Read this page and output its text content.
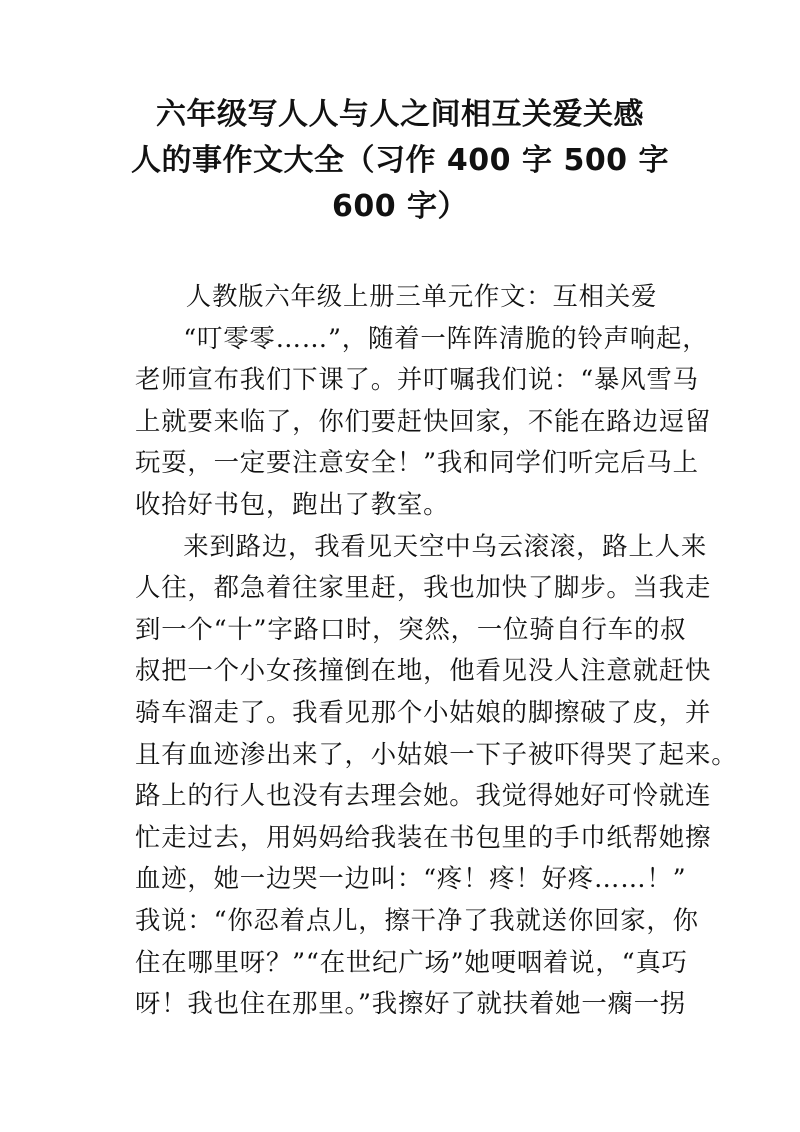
六年级写人人与人之间相互关爱关感
人的事作文大全（习作 400 字 500 字
600 字）
人教版六年级上册三单元作文：互相关爱
“叮零零……”，随着一阵阵清脆的铃声响起，
老师宣布我们下课了。并叮嘱我们说：“暴风雪马
上就要来临了，你们要赶快回家，不能在路边逗留
玩耍，一定要注意安全！”我和同学们听完后马上
收拾好书包，跑出了教室。
来到路边，我看见天空中乌云滚滚，路上人来
人往，都急着往家里赶，我也加快了脚步。当我走
到一个“十”字路口时，突然，一位骑自行车的叔
叔把一个小女孩撞倒在地，他看见没人注意就赶快
骑车溜走了。我看见那个小姑娘的脚擦破了皮，并
且有血迹渗出来了，小姑娘一下子被吓得哭了起来。
路上的行人也没有去理会她。我觉得她好可怜就连
忙走过去，用妈妈给我装在书包里的手巾纸帮她擦
血迹，她一边哭一边叫：“疼！疼！好疼……！”
我说：“你忍着点儿，擦干净了我就送你回家，你
住在哪里呀？”“在世纪广场”她哽咽着说，“真巧
呀！我也住在那里。”我擦好了就扶着她一瘸一拐
